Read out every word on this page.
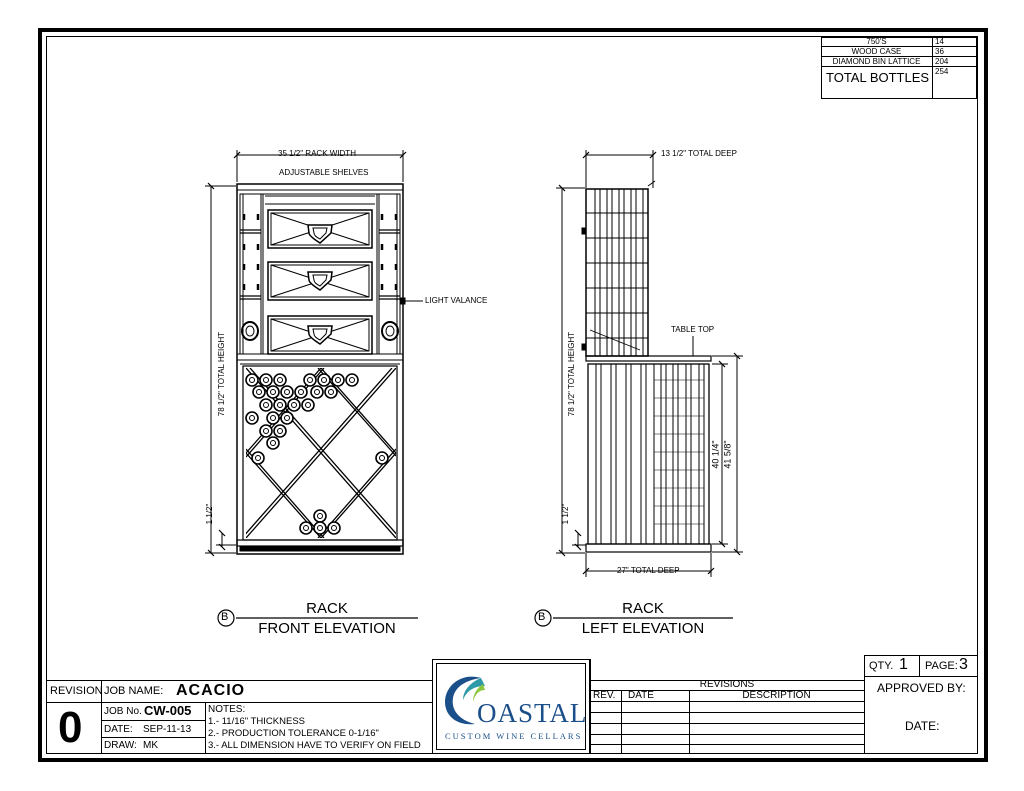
750'S	14
WOOD CASE	36
DIAMOND BIN LATTICE	204
TOTAL BOTTLES 254
35 1/2" RACK WIDTH
ADJUSTABLE SHELVES
78 1/2" TOTAL HEIGHT
1 1/2"
LIGHT VALANCE
B	RACK
FRONT ELEVATION
13 1/2" TOTAL DEEP
TABLE TOP
78 1/2" TOTAL HEIGHT
1 1/2"
40 1/4" 41 5/8"
27" TOTAL DEEP
B	RACK
LEFT ELEVATION
REVISION
0
JOB NAME: ACACIO
JOB No. CW-005
DATE: SEP-11-13
DRAW: MK
NOTES:
1.- 11/16" THICKNESS
2.- PRODUCTION TOLERANCE 0-1/16"
3.- ALL DIMENSION HAVE TO VERIFY ON FIELD
OASTAL
CUSTOM WINE CELLARS
REVISIONS
REV. DATE	DESCRIPTION
QTY. 1 PAGE: 3
APPROVED BY:
DATE:
